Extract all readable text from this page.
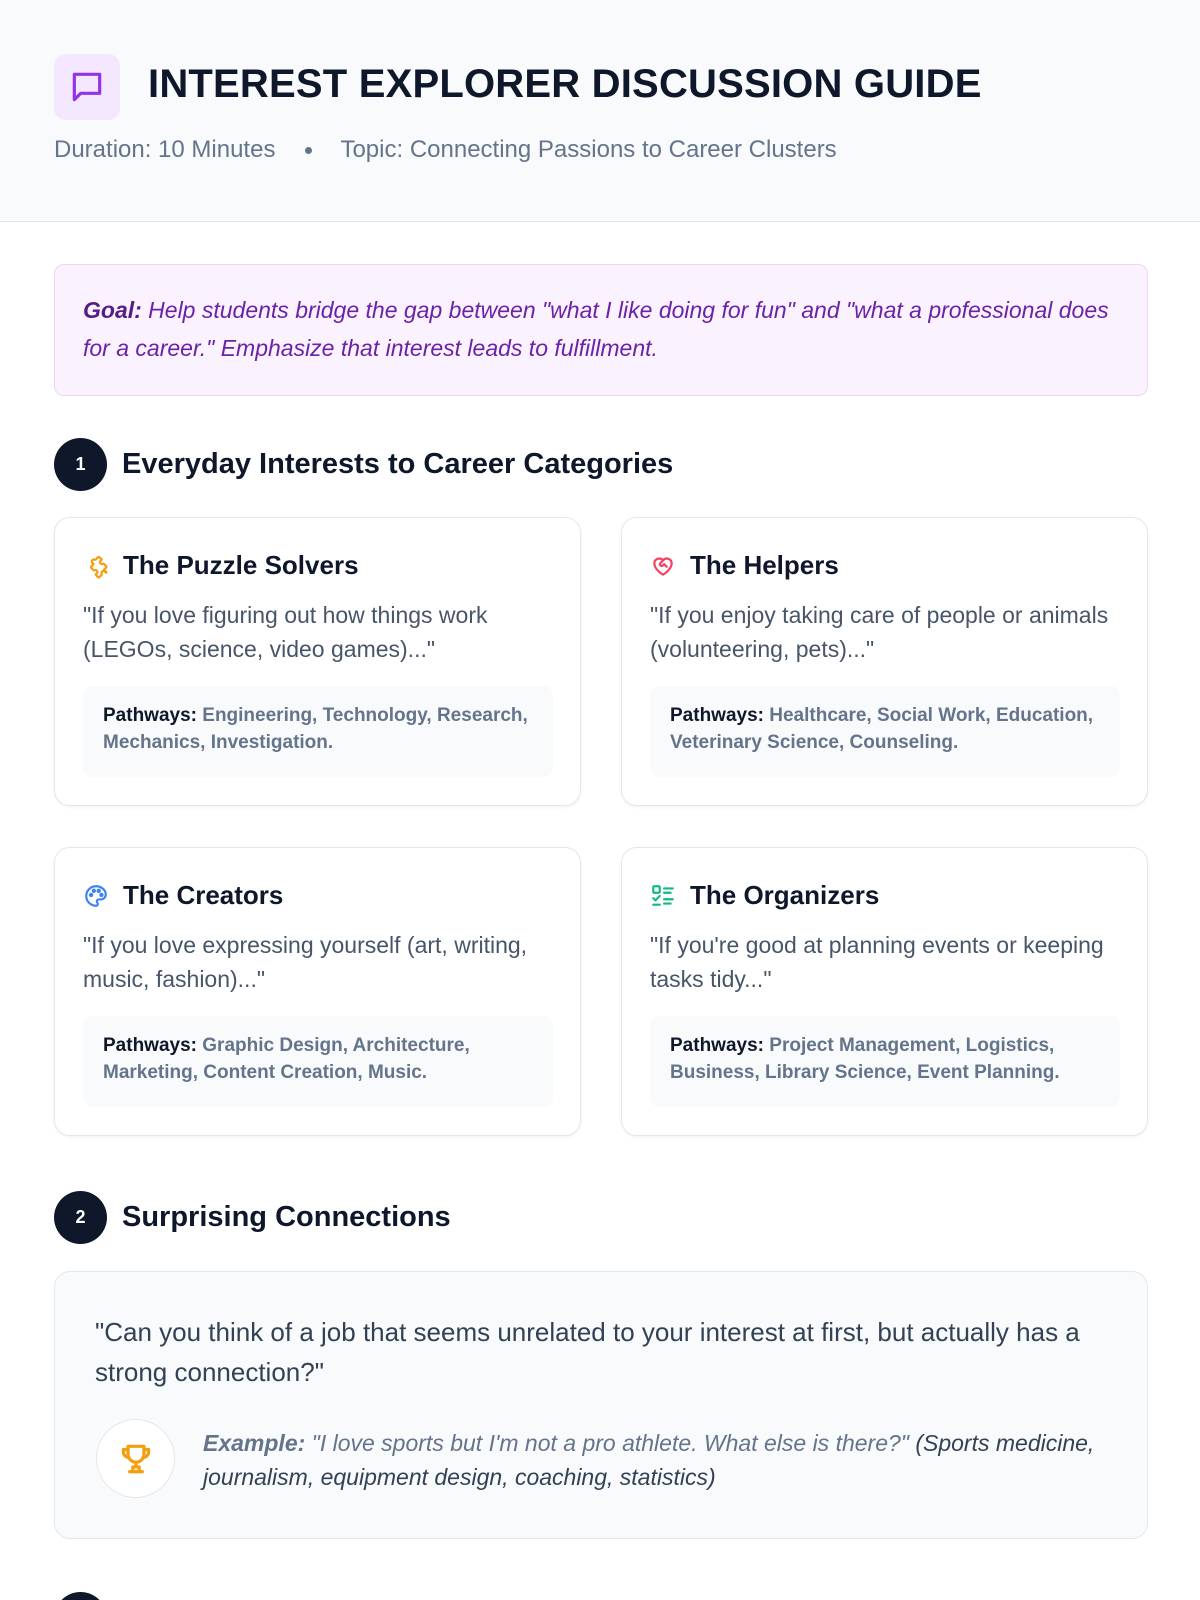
INTEREST EXPLORER DISCUSSION GUIDE
Duration: 10 Minutes	Topic: Connecting Passions to Career Clusters
Goal: Help students bridge the gap between "what I like doing for fun" and "what a professional does for a career." Emphasize that interest leads to fulfillment.
1	Everyday Interests to Career Categories
The Puzzle Solvers
"If you love figuring out how things work (LEGOs, science, video games)..."
Pathways: Engineering, Technology, Research, Mechanics, Investigation.
The Helpers
"If you enjoy taking care of people or animals (volunteering, pets)..."
Pathways: Healthcare, Social Work, Education, Veterinary Science, Counseling.
The Creators
"If you love expressing yourself (art, writing, music, fashion)..."
Pathways: Graphic Design, Architecture, Marketing, Content Creation, Music.
The Organizers
"If you're good at planning events or keeping tasks tidy..."
Pathways: Project Management, Logistics, Business, Library Science, Event Planning.
2	Surprising Connections
"Can you think of a job that seems unrelated to your interest at first, but actually has a strong connection?"
Example: "I love sports but I'm not a pro athlete. What else is there?" (Sports medicine, journalism, equipment design, coaching, statistics)
